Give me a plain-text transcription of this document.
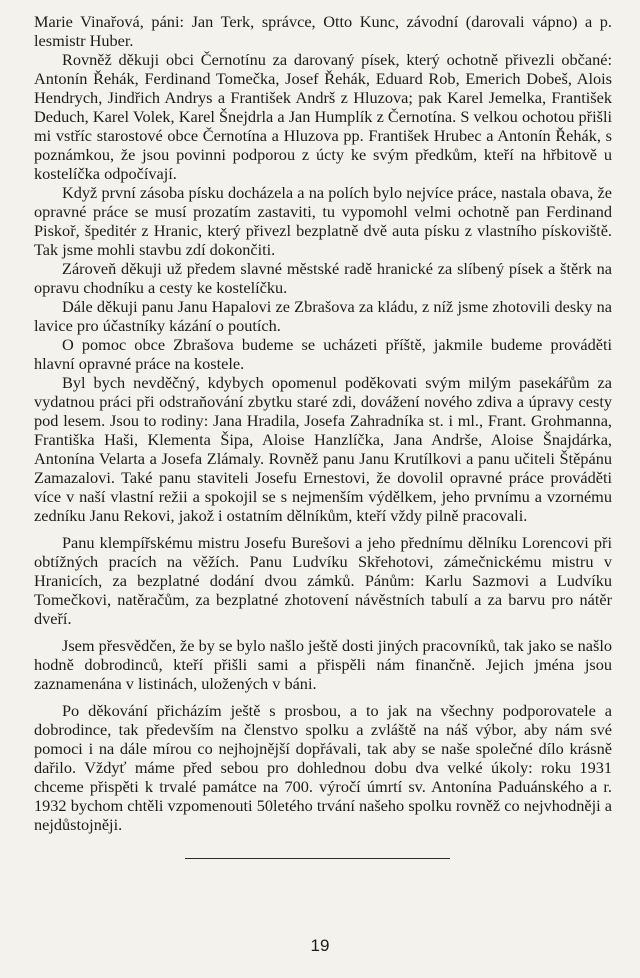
Marie Vinařová, páni: Jan Terk, správce, Otto Kunc, závodní (darovali vápno) a p. lesmistr Huber.

Rovněž děkuji obci Černotínu za darovaný písek, který ochotně přivezli občané: Antonín Řehák, Ferdinand Tomečka, Josef Řehák, Eduard Rob, Emerich Dobeš, Alois Hendrych, Jindřich Andrys a František Andrš z Hluzova; pak Karel Jemelka, František Deduch, Karel Volek, Karel Šnejdrla a Jan Humplík z Černotína. S velkou ochotou přišli mi vstříc starostové obce Černotína a Hluzova pp. František Hrubec a Antonín Řehák, s poznámkou, že jsou povinni podporou z úcty ke svým předkům, kteří na hřbitově u kostelíčka odpočívají.

Když první zásoba písku docházela a na polích bylo nejvíce práce, nastala obava, že opravné práce se musí prozatím zastaviti, tu vypomohl velmi ochotně pan Ferdinand Piskoř, špeditér z Hranic, který přivezl bezplatně dvě auta písku z vlastního pískoviště. Tak jsme mohli stavbu zdí dokončiti.

Zároveň děkuji už předem slavné městské radě hranické za slíbený písek a štěrk na opravu chodníku a cesty ke kostelíčku.

Dále děkuji panu Janu Hapalovi ze Zbrašova za kládu, z níž jsme zhotovili desky na lavice pro účastníky kázání o poutích.

O pomoc obce Zbrašova budeme se ucházeti příště, jakmile budeme prováděti hlavní opravné práce na kostele.

Byl bych nevděčný, kdybych opomenul poděkovati svým milým pasekářům za vydatnou práci při odstraňování zbytku staré zdi, dovážení nového zdiva a úpravy cesty pod lesem. Jsou to rodiny: Jana Hradila, Josefa Zahradníka st. i ml., Frant. Grohmanna, Františka Haši, Klementa Šipa, Aloise Hanzlíčka, Jana Andrše, Aloise Šnajdárka, Antonína Velarta a Josefa Zlámaly. Rovněž panu Janu Krutílkovi a panu učiteli Štěpánu Zamazalovi. Také panu staviteli Josefu Ernestovi, že dovolil opravné práce prováděti více v naší vlastní režii a spokojil se s nejmenším výdělkem, jeho prvnímu a vzornému zedníku Janu Rekovi, jakož i ostatním dělníkům, kteří vždy pilně pracovali.

Panu klempířskému mistru Josefu Burešovi a jeho přednímu dělníku Lorencovi při obtížných pracích na věžích. Panu Ludvíku Skřehotovi, zámečnickému mistru v Hranicích, za bezplatné dodání dvou zámků. Pánům: Karlu Sazmovi a Ludvíku Tomečkovi, natěračům, za bezplatné zhotovení návěstních tabulí a za barvu pro nátěr dveří.

Jsem přesvědčen, že by se bylo našlo ještě dosti jiných pracovníků, tak jako se našlo hodně dobrodinců, kteří přišli sami a přispěli nám finančně. Jejich jména jsou zaznamenána v listinách, uložených v báni.

Po děkování přicházím ještě s prosbou, a to jak na všechny podporovatele a dobrodince, tak především na členstvo spolku a zvláště na náš výbor, aby nám své pomoci i na dále mírou co nejhojnější dopřávali, tak aby se naše společné dílo krásně dařilo. Vždyť máme před sebou pro dohlednou dobu dva velké úkoly: roku 1931 chceme přispěti k trvalé památce na 700. výročí úmrtí sv. Antonína Paduánského a r. 1932 bychom chtěli vzpomenouti 50letého trvání našeho spolku rovněž co nejvhodněji a nejdůstojněji.

19
